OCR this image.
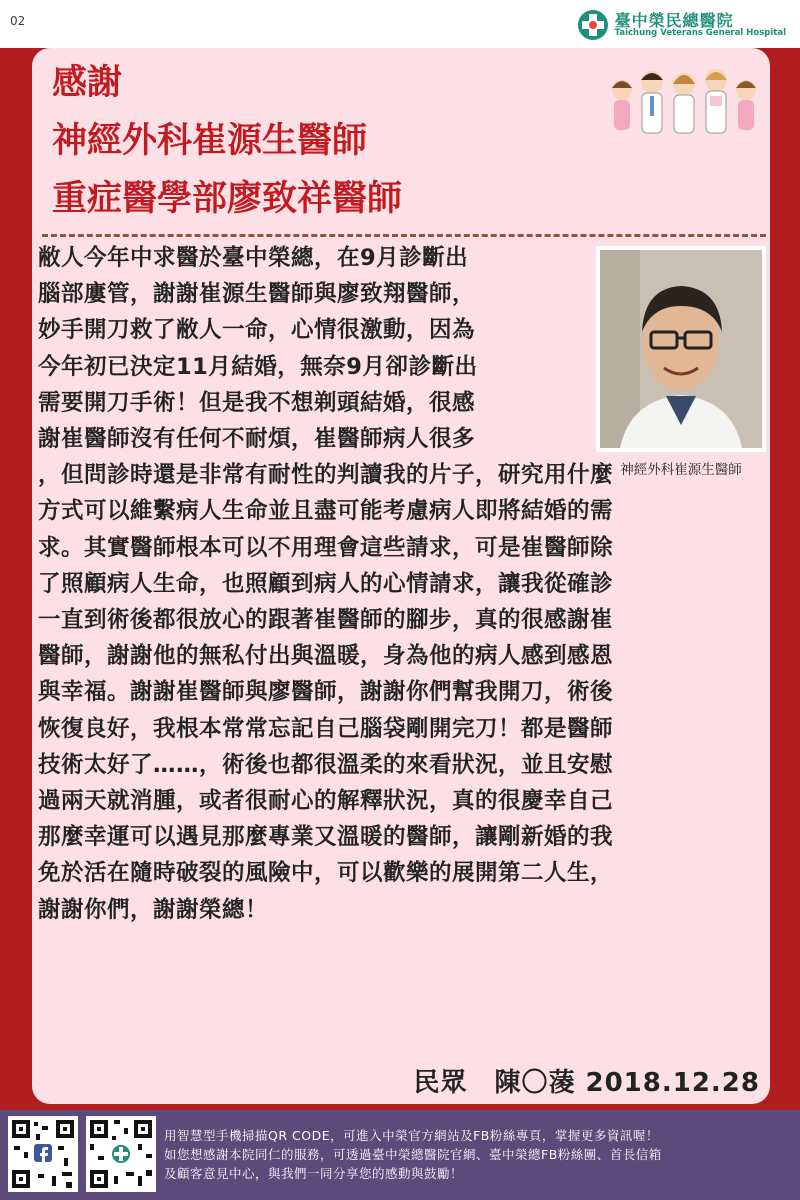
02	臺中榮民總醫院
Taichung Veterans General Hospital
感謝
神經外科崔源生醫師
重症醫學部廖致祥醫師
神經外科崔源生醫師
敝人今年中求醫於臺中榮總，在9月診斷出
腦部廔管，謝謝崔源生醫師與廖致翔醫師，
妙手開刀救了敝人一命，心情很激動，因為
今年初已決定11月結婚，無奈9月卻診斷出
需要開刀手術！但是我不想剃頭結婚，很感
謝崔醫師沒有任何不耐煩，崔醫師病人很多
，但問診時還是非常有耐性的判讀我的片子，研究用什麼
方式可以維繫病人生命並且盡可能考慮病人即將結婚的需
求。其實醫師根本可以不用理會這些請求，可是崔醫師除
了照顧病人生命，也照顧到病人的心情請求，讓我從確診
一直到術後都很放心的跟著崔醫師的腳步，真的很感謝崔
醫師，謝謝他的無私付出與溫暖，身為他的病人感到感恩
與幸福。謝謝崔醫師與廖醫師，謝謝你們幫我開刀，術後
恢復良好，我根本常常忘記自己腦袋剛開完刀！都是醫師
技術太好了……，術後也都很溫柔的來看狀況，並且安慰
過兩天就消腫，或者很耐心的解釋狀況，真的很慶幸自己
那麼幸運可以遇見那麼專業又溫暖的醫師，讓剛新婚的我
免於活在隨時破裂的風險中，可以歡樂的展開第二人生，
謝謝你們，謝謝榮總！
民眾　陳〇蓤 2018.12.28
用智慧型手機掃描QR CODE，可進入中榮官方網站及FB粉絲專頁，掌握更多資訊喔！
如您想感謝本院同仁的服務，可透過臺中榮總醫院官網、臺中榮總FB粉絲團、首長信箱
及顧客意見中心，與我們一同分享您的感動與鼓勵！
